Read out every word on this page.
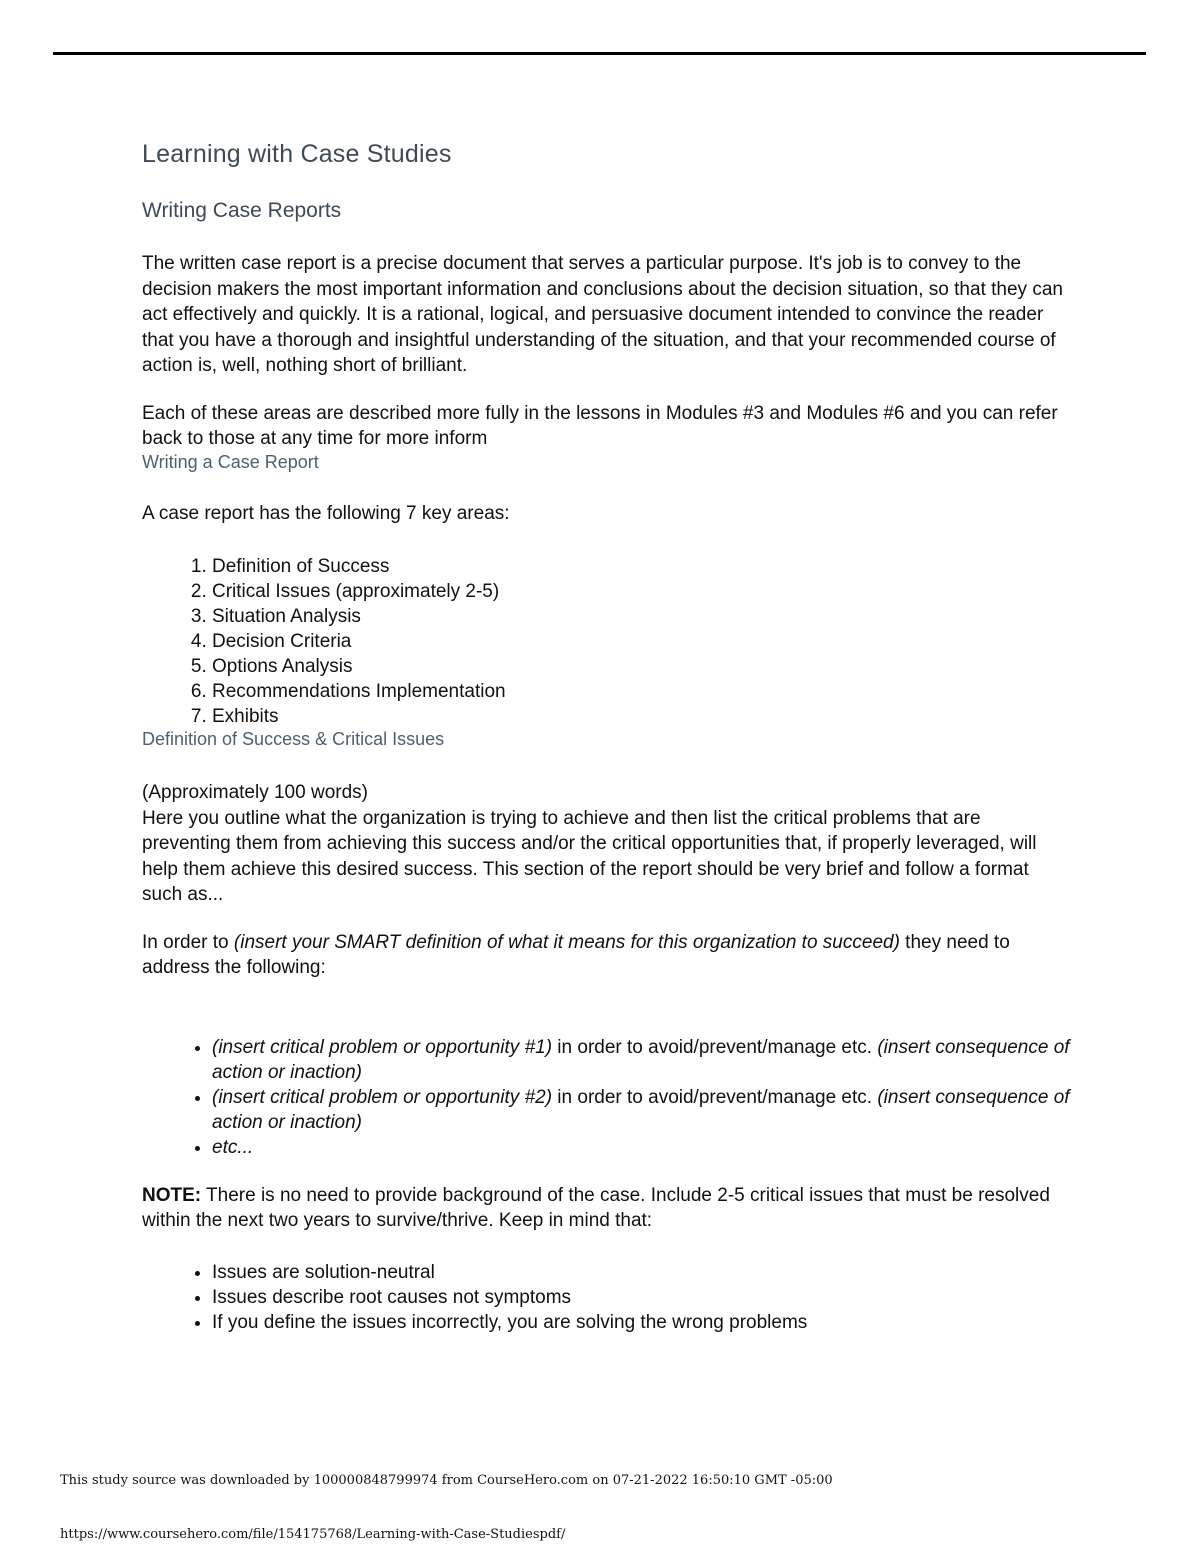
Learning with Case Studies
Writing Case Reports

The written case report is a precise document that serves a particular purpose. It's job is to convey to the decision makers the most important information and conclusions about the decision situation, so that they can act effectively and quickly. It is a rational, logical, and persuasive document intended to convince the reader that you have a thorough and insightful understanding of the situation, and that your recommended course of action is, well, nothing short of brilliant.

Each of these areas are described more fully in the lessons in Modules #3 and Modules #6 and you can refer back to those at any time for more inform

Writing a Case Report

A case report has the following 7 key areas:

1. Definition of Success
2. Critical Issues (approximately 2-5)
3. Situation Analysis
4. Decision Criteria
5. Options Analysis
6. Recommendations Implementation
7. Exhibits
Definition of Success & Critical Issues

(Approximately 100 words)

Here you outline what the organization is trying to achieve and then list the critical problems that are preventing them from achieving this success and/or the critical opportunities that, if properly leveraged, will help them achieve this desired success. This section of the report should be very brief and follow a format such as...

In order to (insert your SMART definition of what it means for this organization to succeed) they need to address the following:

• (insert critical problem or opportunity #1) in order to avoid/prevent/manage etc. (insert consequence of action or inaction)
• (insert critical problem or opportunity #2) in order to avoid/prevent/manage etc. (insert consequence of action or inaction)
• etc...

NOTE: There is no need to provide background of the case. Include 2-5 critical issues that must be resolved within the next two years to survive/thrive. Keep in mind that:

• Issues are solution-neutral
• Issues describe root causes not symptoms
• If you define the issues incorrectly, you are solving the wrong problems
This study source was downloaded by 100000848799974 from CourseHero.com on 07-21-2022 16:50:10 GMT -05:00
https://www.coursehero.com/file/154175768/Learning-with-Case-Studiespdf/
